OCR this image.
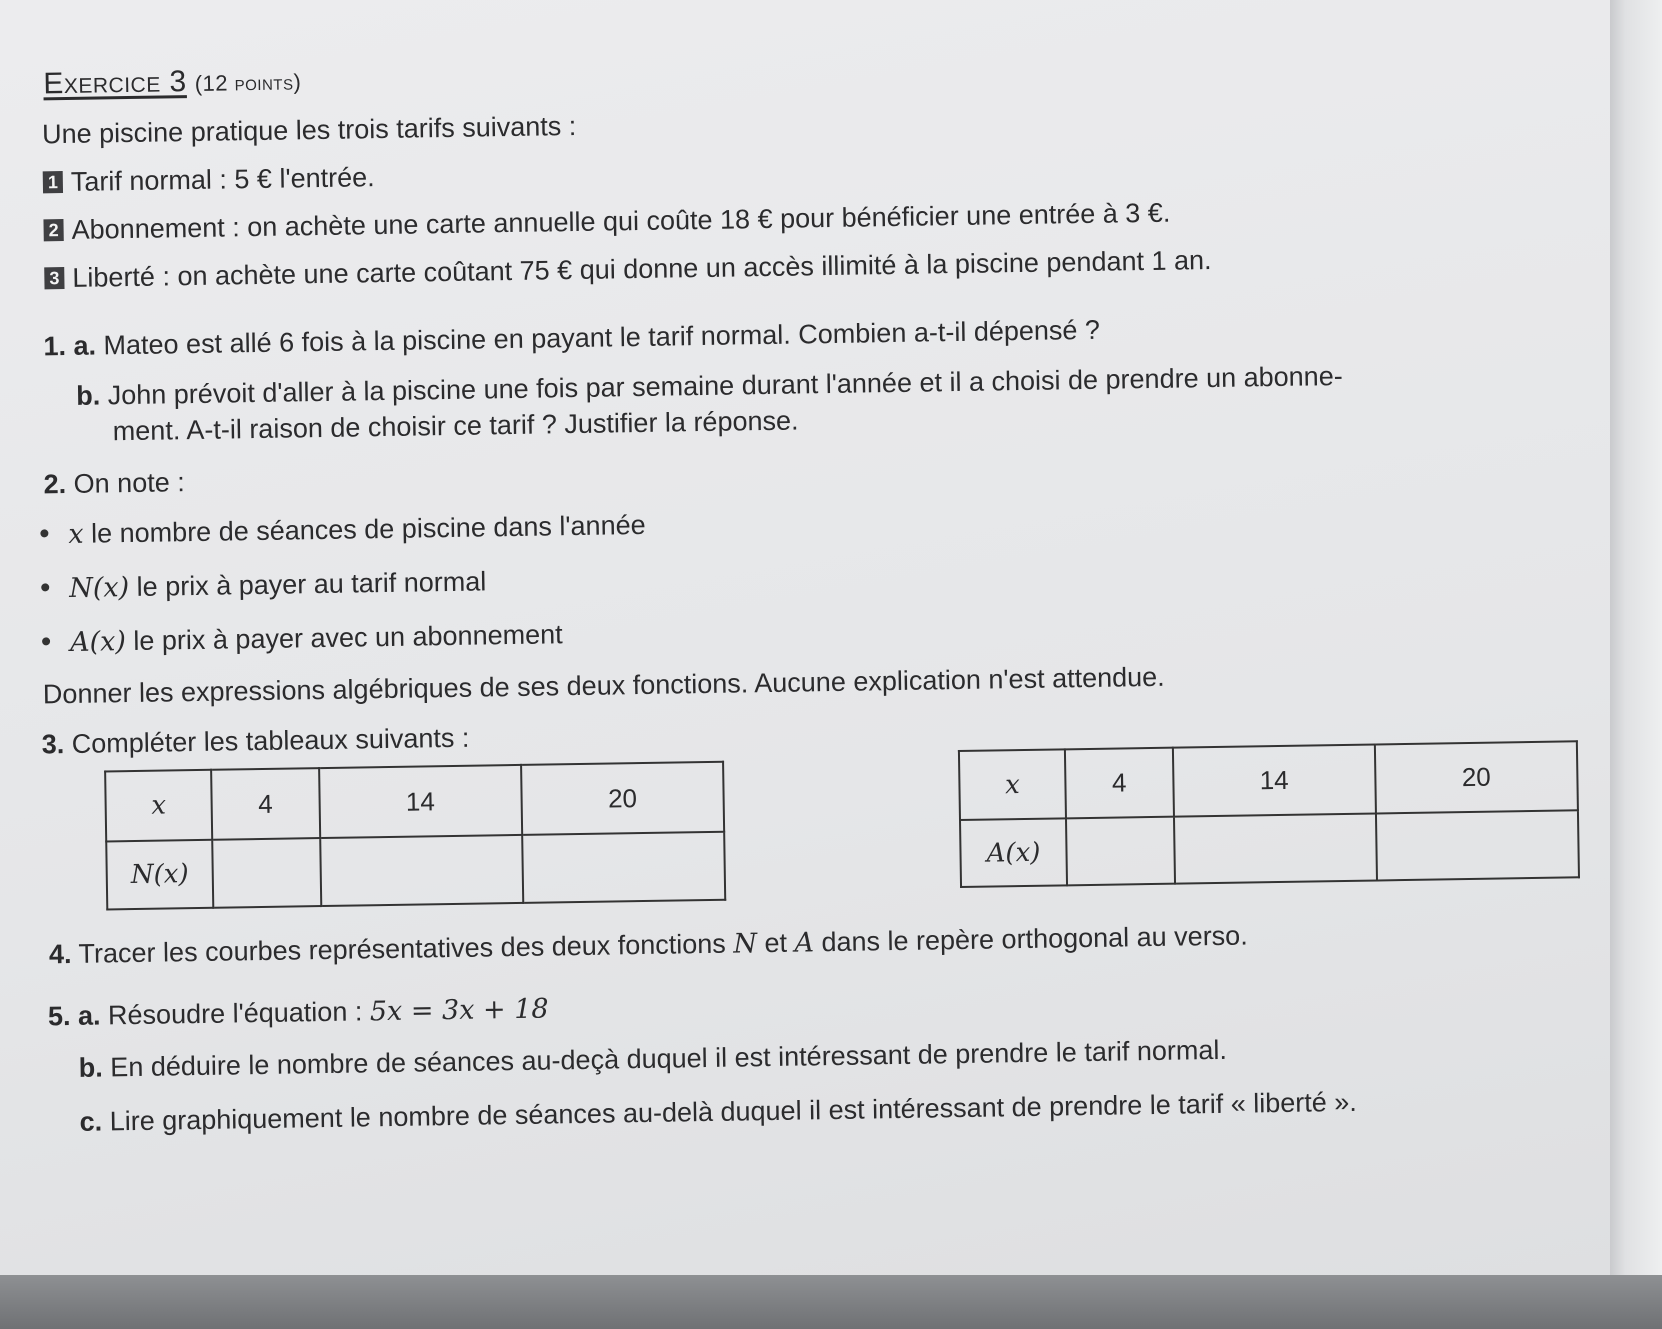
Exercice 3 (12 points)
Une piscine pratique les trois tarifs suivants :
1 Tarif normal : 5 € l'entrée.
2 Abonnement : on achète une carte annuelle qui coûte 18 € pour bénéficier une entrée à 3 €.
3 Liberté : on achète une carte coûtant 75 € qui donne un accès illimité à la piscine pendant 1 an.
1. a. Mateo est allé 6 fois à la piscine en payant le tarif normal. Combien a-t-il dépensé ?
b. John prévoit d'aller à la piscine une fois par semaine durant l'année et il a choisi de prendre un abonne-
ment. A-t-il raison de choisir ce tarif ? Justifier la réponse.
2. On note :
x le nombre de séances de piscine dans l'année
N(x) le prix à payer au tarif normal
A(x) le prix à payer avec un abonnement
Donner les expressions algébriques de ses deux fonctions. Aucune explication n'est attendue.
3. Compléter les tableaux suivants :
x	4	14	20
N(x)			
x	4	14	20
A(x)			
4. Tracer les courbes représentatives des deux fonctions N et A dans le repère orthogonal au verso.
5. a. Résoudre l'équation : 5x = 3x + 18
b. En déduire le nombre de séances au-deçà duquel il est intéressant de prendre le tarif normal.
c. Lire graphiquement le nombre de séances au-delà duquel il est intéressant de prendre le tarif « liberté ».
